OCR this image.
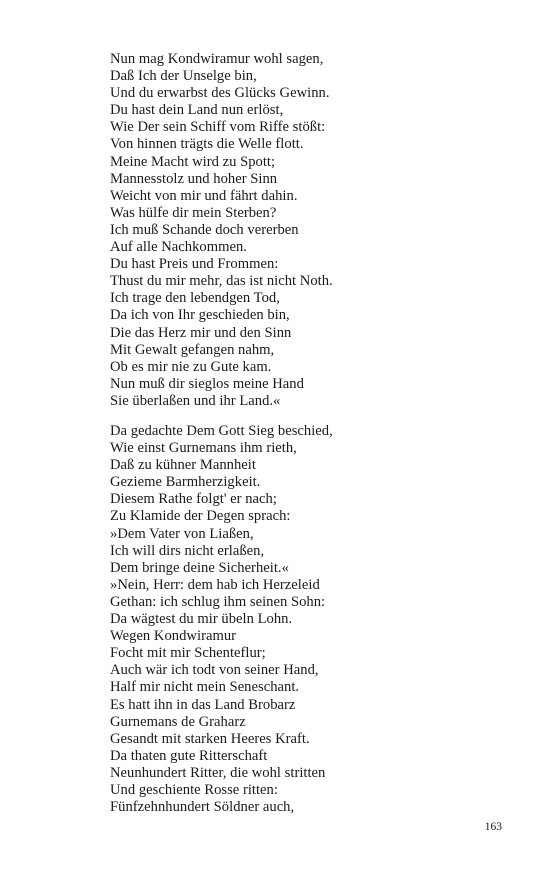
Nun mag Kondwiramur wohl sagen,
Daß Ich der Unselge bin,
Und du erwarbst des Glücks Gewinn.
Du hast dein Land nun erlöst,
Wie Der sein Schiff vom Riffe stößt:
Von hinnen trägts die Welle flott.
Meine Macht wird zu Spott;
Mannesstolz und hoher Sinn
Weicht von mir und fährt dahin.
Was hülfe dir mein Sterben?
Ich muß Schande doch vererben
Auf alle Nachkommen.
Du hast Preis und Frommen:
Thust du mir mehr, das ist nicht Noth.
Ich trage den lebendgen Tod,
Da ich von Ihr geschieden bin,
Die das Herz mir und den Sinn
Mit Gewalt gefangen nahm,
Ob es mir nie zu Gute kam.
Nun muß dir sieglos meine Hand
Sie überlaßen und ihr Land.«
Da gedachte Dem Gott Sieg beschied,
Wie einst Gurnemans ihm rieth,
Daß zu kühner Mannheit
Gezieme Barmherzigkeit.
Diesem Rathe folgt' er nach;
Zu Klamide der Degen sprach:
»Dem Vater von Liaßen,
Ich will dirs nicht erlaßen,
Dem bringe deine Sicherheit.«
»Nein, Herr: dem hab ich Herzeleid
Gethan: ich schlug ihm seinen Sohn:
Da wägtest du mir übeln Lohn.
Wegen Kondwiramur
Focht mit mir Schenteflur;
Auch wär ich todt von seiner Hand,
Half mir nicht mein Seneschant.
Es hatt ihn in das Land Brobarz
Gurnemans de Graharz
Gesandt mit starken Heeres Kraft.
Da thaten gute Ritterschaft
Neunhundert Ritter, die wohl stritten
Und geschiente Rosse ritten:
Fünfzehnhundert Söldner auch,
163
